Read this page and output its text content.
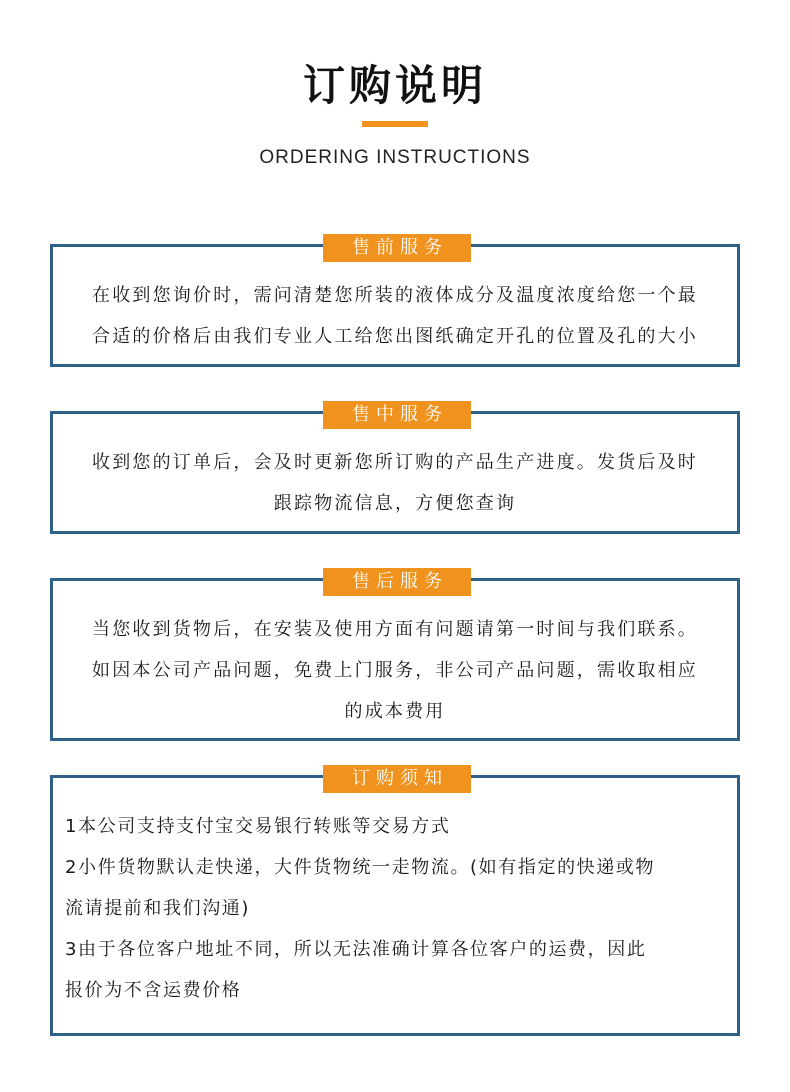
订购说明
ORDERING INSTRUCTIONS
售前服务
在收到您询价时，需问清楚您所装的液体成分及温度浓度给您一个最
合适的价格后由我们专业人工给您出图纸确定开孔的位置及孔的大小
售中服务
收到您的订单后，会及时更新您所订购的产品生产进度。发货后及时
跟踪物流信息，方便您查询
售后服务
当您收到货物后，在安装及使用方面有问题请第一时间与我们联系。
如因本公司产品问题，免费上门服务，非公司产品问题，需收取相应
的成本费用
订购须知
1本公司支持支付宝交易银行转账等交易方式
2小件货物默认走快递，大件货物统一走物流。(如有指定的快递或物
流请提前和我们沟通)
3由于各位客户地址不同，所以无法准确计算各位客户的运费，因此
报价为不含运费价格
